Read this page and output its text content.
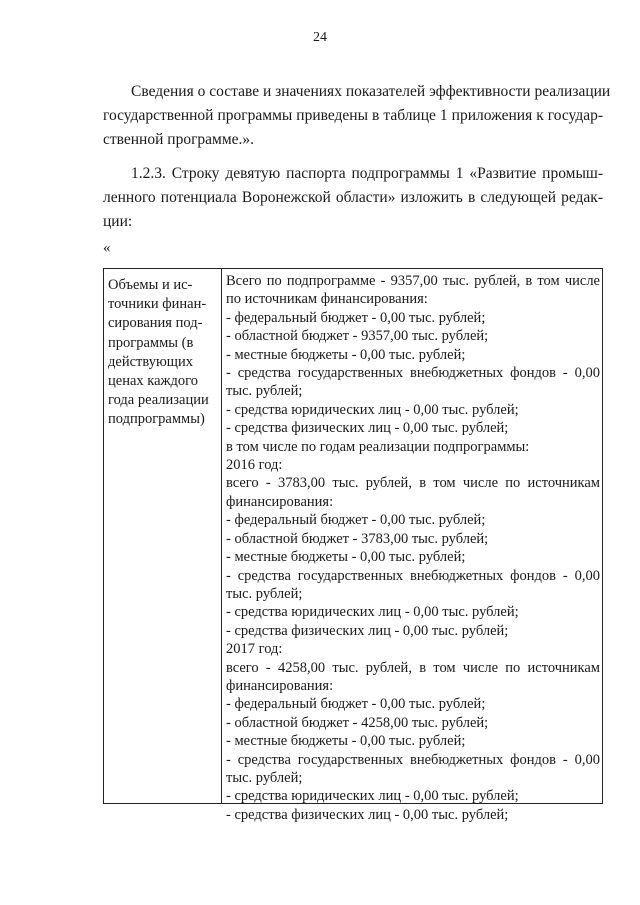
24
Сведения о составе и значениях показателей эффективности реализации
государственной программы приведены в таблице 1 приложения к государ-
ственной программе.».
1.2.3. Строку девятую паспорта подпрограммы 1 «Развитие промыш-
ленного потенциала Воронежской области» изложить в следующей редак-
ции:
«
Объемы и ис-
точники финан-
сирования под-
программы (в
действующих
ценах каждого
года реализации
подпрограммы)
Всего по подпрограмме - 9357,00 тыс. рублей, в том числе
по источникам финансирования:
- федеральный бюджет - 0,00 тыс. рублей;
- областной бюджет - 9357,00 тыс. рублей;
- местные бюджеты - 0,00 тыс. рублей;
- средства государственных внебюджетных фондов - 0,00
тыс. рублей;
- средства юридических лиц - 0,00 тыс. рублей;
- средства физических лиц - 0,00 тыс. рублей;
в том числе по годам реализации подпрограммы:
2016 год:
всего - 3783,00 тыс. рублей, в том числе по источникам
финансирования:
- федеральный бюджет - 0,00 тыс. рублей;
- областной бюджет - 3783,00 тыс. рублей;
- местные бюджеты - 0,00 тыс. рублей;
- средства государственных внебюджетных фондов - 0,00
тыс. рублей;
- средства юридических лиц - 0,00 тыс. рублей;
- средства физических лиц - 0,00 тыс. рублей;
2017 год:
всего - 4258,00 тыс. рублей, в том числе по источникам
финансирования:
- федеральный бюджет - 0,00 тыс. рублей;
- областной бюджет - 4258,00 тыс. рублей;
- местные бюджеты - 0,00 тыс. рублей;
- средства государственных внебюджетных фондов - 0,00
тыс. рублей;
- средства юридических лиц - 0,00 тыс. рублей;
- средства физических лиц - 0,00 тыс. рублей;
